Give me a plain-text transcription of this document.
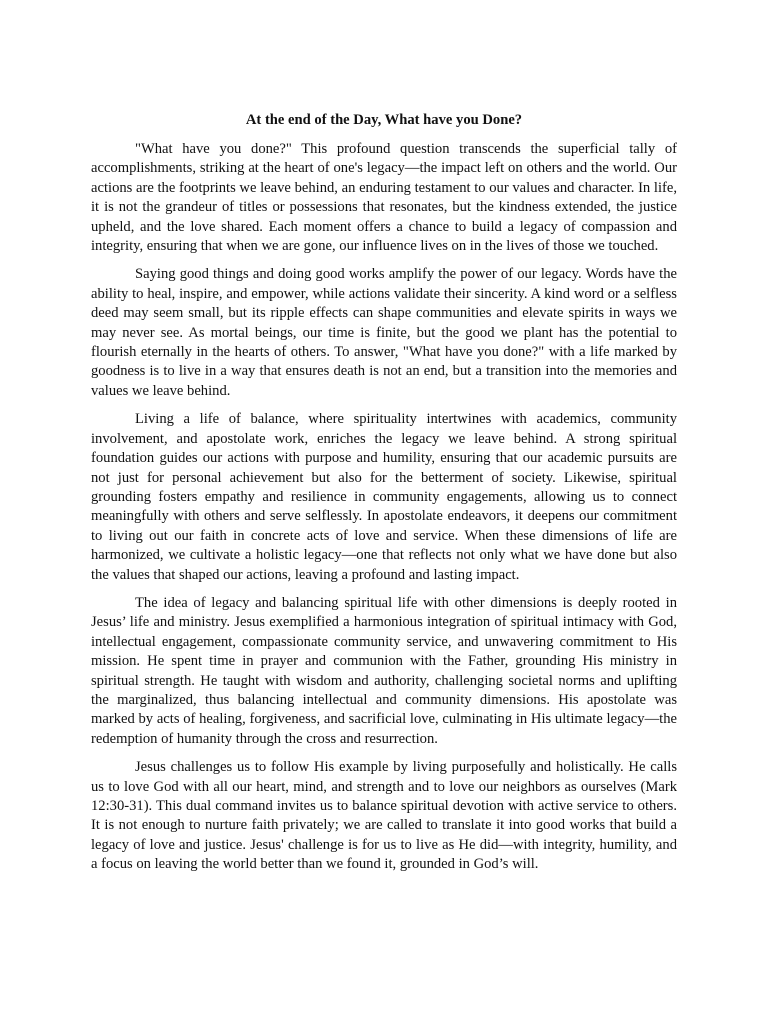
At the end of the Day, What have you Done?

"What have you done?" This profound question transcends the superficial tally of accomplishments, striking at the heart of one's legacy—the impact left on others and the world. Our actions are the footprints we leave behind, an enduring testament to our values and character. In life, it is not the grandeur of titles or possessions that resonates, but the kindness extended, the justice upheld, and the love shared. Each moment offers a chance to build a legacy of compassion and integrity, ensuring that when we are gone, our influence lives on in the lives of those we touched.

Saying good things and doing good works amplify the power of our legacy. Words have the ability to heal, inspire, and empower, while actions validate their sincerity. A kind word or a selfless deed may seem small, but its ripple effects can shape communities and elevate spirits in ways we may never see. As mortal beings, our time is finite, but the good we plant has the potential to flourish eternally in the hearts of others. To answer, "What have you done?" with a life marked by goodness is to live in a way that ensures death is not an end, but a transition into the memories and values we leave behind.

Living a life of balance, where spirituality intertwines with academics, community involvement, and apostolate work, enriches the legacy we leave behind. A strong spiritual foundation guides our actions with purpose and humility, ensuring that our academic pursuits are not just for personal achievement but also for the betterment of society. Likewise, spiritual grounding fosters empathy and resilience in community engagements, allowing us to connect meaningfully with others and serve selflessly. In apostolate endeavors, it deepens our commitment to living out our faith in concrete acts of love and service. When these dimensions of life are harmonized, we cultivate a holistic legacy—one that reflects not only what we have done but also the values that shaped our actions, leaving a profound and lasting impact.

The idea of legacy and balancing spiritual life with other dimensions is deeply rooted in Jesus’ life and ministry. Jesus exemplified a harmonious integration of spiritual intimacy with God, intellectual engagement, compassionate community service, and unwavering commitment to His mission. He spent time in prayer and communion with the Father, grounding His ministry in spiritual strength. He taught with wisdom and authority, challenging societal norms and uplifting the marginalized, thus balancing intellectual and community dimensions. His apostolate was marked by acts of healing, forgiveness, and sacrificial love, culminating in His ultimate legacy—the redemption of humanity through the cross and resurrection.

Jesus challenges us to follow His example by living purposefully and holistically. He calls us to love God with all our heart, mind, and strength and to love our neighbors as ourselves (Mark 12:30-31). This dual command invites us to balance spiritual devotion with active service to others. It is not enough to nurture faith privately; we are called to translate it into good works that build a legacy of love and justice. Jesus' challenge is for us to live as He did—with integrity, humility, and a focus on leaving the world better than we found it, grounded in God’s will.
